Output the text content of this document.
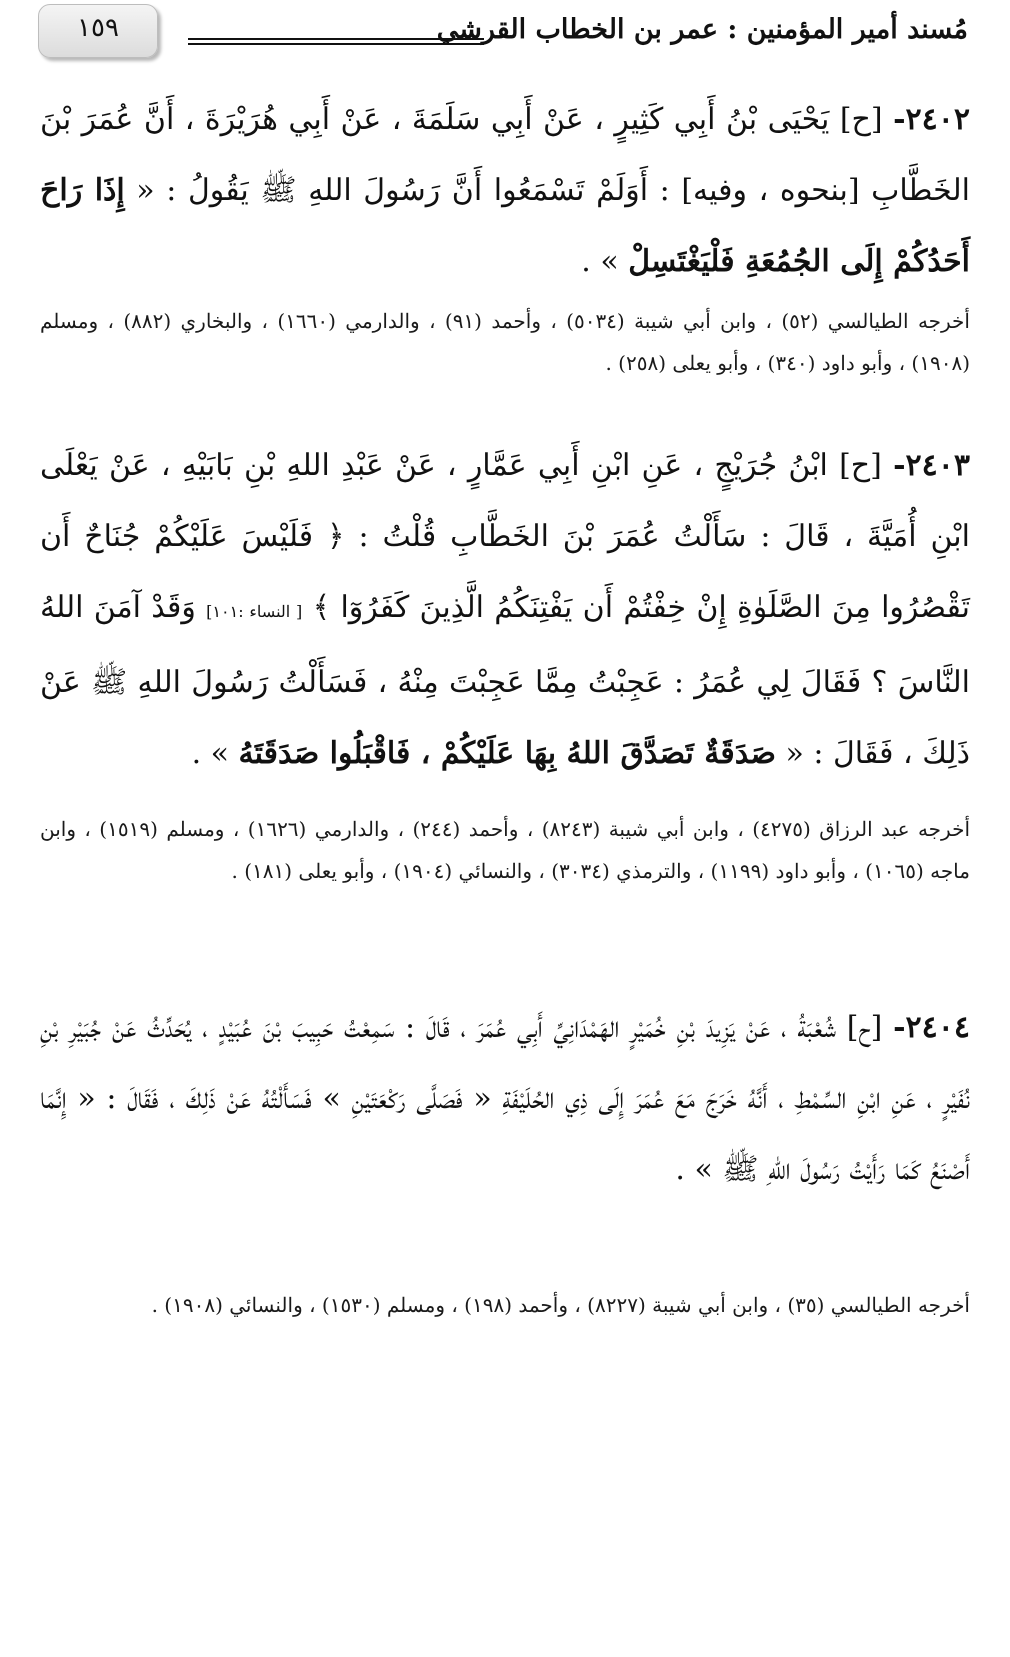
مُسند أمير المؤمنين : عمر بن الخطاب القرشي
١٥٩
٢٤٠٢- [ح] يَحْيَى بْنُ أَبِي كَثِيرٍ ، عَنْ أَبِي سَلَمَةَ ، عَنْ أَبِي هُرَيْرَةَ ، أَنَّ عُمَرَ بْنَ الخَطَّابِ [بنحوه ، وفيه] : أَوَلَمْ تَسْمَعُوا أَنَّ رَسُولَ اللهِ ﷺ يَقُولُ : « إِذَا رَاحَ أَحَدُكُمْ إِلَى الجُمُعَةِ فَلْيَغْتَسِلْ » .
أخرجه الطيالسي (٥٢) ، وابن أبي شيبة (٥٠٣٤) ، وأحمد (٩١) ، والدارمي (١٦٦٠) ، والبخاري (٨٨٢) ، ومسلم (١٩٠٨) ، وأبو داود (٣٤٠) ، وأبو يعلى (٢٥٨) .
٢٤٠٣- [ح] ابْنُ جُرَيْجٍ ، عَنِ ابْنِ أَبِي عَمَّارٍ ، عَنْ عَبْدِ اللهِ بْنِ بَابَيْهِ ، عَنْ يَعْلَى ابْنِ أُمَيَّةَ ، قَالَ : سَأَلْتُ عُمَرَ بْنَ الخَطَّابِ قُلْتُ : ﴿ فَلَيْسَ عَلَيْكُمْ جُنَاحٌ أَن تَقْصُرُوا مِنَ الصَّلَوٰةِ إِنْ خِفْتُمْ أَن يَفْتِنَكُمُ الَّذِينَ كَفَرُوٓا ﴾ [ النساء :١٠١] وَقَدْ آمَنَ اللهُ النَّاسَ ؟ فَقَالَ لِي عُمَرُ : عَجِبْتُ مِمَّا عَجِبْتَ مِنْهُ ، فَسَأَلْتُ رَسُولَ اللهِ ﷺ عَنْ ذَلِكَ ، فَقَالَ : « صَدَقَةٌ تَصَدَّقَ اللهُ بِهَا عَلَيْكُمْ ، فَاقْبَلُوا صَدَقَتَهُ » .
أخرجه عبد الرزاق (٤٢٧٥) ، وابن أبي شيبة (٨٢٤٣) ، وأحمد (٢٤٤) ، والدارمي (١٦٢٦) ، ومسلم (١٥١٩) ، وابن ماجه (١٠٦٥) ، وأبو داود (١١٩٩) ، والترمذي (٣٠٣٤) ، والنسائي (١٩٠٤) ، وأبو يعلى (١٨١) .
٢٤٠٤- [ح] شُعْبَةُ ، عَنْ يَزِيدَ بْنِ خُمَيْرٍ الهَمْدَانِيِّ أَبِي عُمَرَ ، قَالَ : سَمِعْتُ حَبِيبَ بْنَ عُبَيْدٍ ، يُحَدِّثُ عَنْ جُبَيْرِ بْنِ نُفَيْرٍ ، عَنِ ابْنِ السِّمْطِ ، أَنَّهُ خَرَجَ مَعَ عُمَرَ إِلَى ذِي الحُلَيْفَةِ « فَصَلَّى رَكْعَتَيْنِ » فَسَأَلْتُهُ عَنْ ذَلِكَ ، فَقَالَ : « إِنَّمَا أَصْنَعُ كَمَا رَأَيْتُ رَسُولَ اللهِ ﷺ » .
أخرجه الطيالسي (٣٥) ، وابن أبي شيبة (٨٢٢٧) ، وأحمد (١٩٨) ، ومسلم (١٥٣٠) ، والنسائي (١٩٠٨) .
